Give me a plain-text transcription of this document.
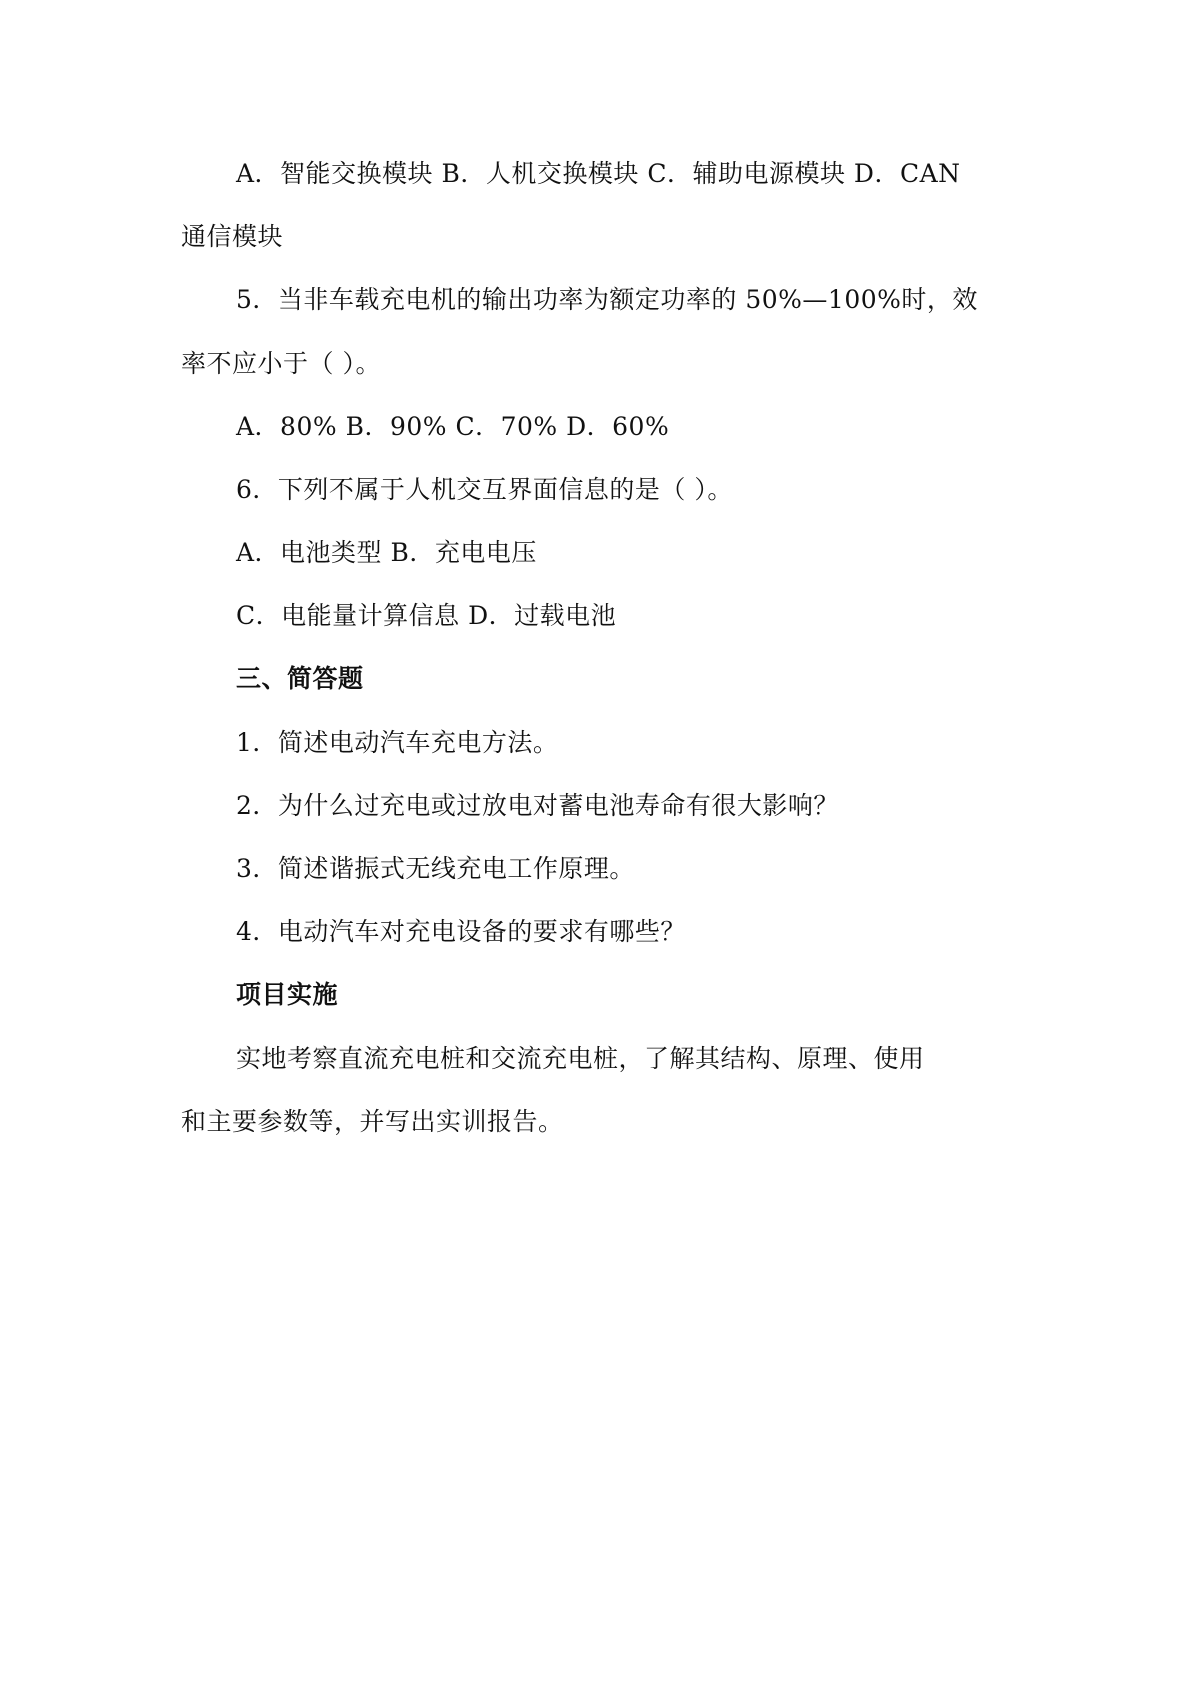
A．智能交换模块 B．人机交换模块 C．辅助电源模块 D．CAN
通信模块
5．当非车载充电机的输出功率为额定功率的 50%—100%时，效
率不应小于（ ）。
A．80% B．90% C．70% D．60%
6．下列不属于人机交互界面信息的是（ ）。
A．电池类型 B．充电电压
C．电能量计算信息 D．过载电池
三、简答题
1．简述电动汽车充电方法。
2．为什么过充电或过放电对蓄电池寿命有很大影响？
3．简述谐振式无线充电工作原理。
4．电动汽车对充电设备的要求有哪些？
项目实施
实地考察直流充电桩和交流充电桩，了解其结构、原理、使用
和主要参数等，并写出实训报告。
